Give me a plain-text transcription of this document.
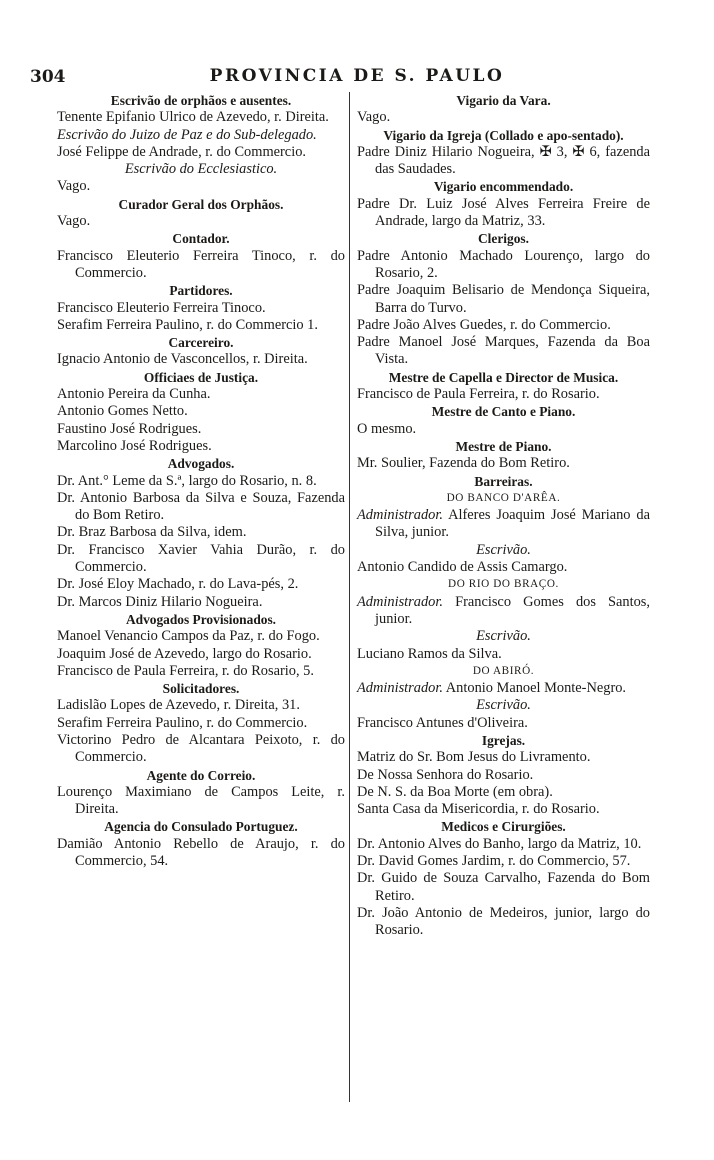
304	PROVINCIA DE S. PAULO

Escrivão de orphãos e ausentes.

Tenente Epifanio Ulrico de Azevedo, r. Direita.

Escrivão do Juizo de Paz e do Sub-delegado.

José Felippe de Andrade, r. do Commercio.

Escrivão do Ecclesiastico.

Vago.

Curador Geral dos Orphãos.

Vago.

Contador.

Francisco Eleuterio Ferreira Tinoco, r. do Commercio.

Partidores.

Francisco Eleuterio Ferreira Tinoco.

Serafim Ferreira Paulino, r. do Commercio 1.

Carcereiro.

Ignacio Antonio de Vasconcellos, r. Direita.

Officiaes de Justiça.

Antonio Pereira da Cunha.

Antonio Gomes Netto.

Faustino José Rodrigues.

Marcolino José Rodrigues.

Advogados.

Dr. Ant.° Leme da S.ª, largo do Rosario, n. 8.

Dr. Antonio Barbosa da Silva e Souza, Fazenda do Bom Retiro.

Dr. Braz Barbosa da Silva, idem.

Dr. Francisco Xavier Vahia Durão, r. do Commercio.

Dr. José Eloy Machado, r. do Lava-pés, 2.

Dr. Marcos Diniz Hilario Nogueira.

Advogados Provisionados.

Manoel Venancio Campos da Paz, r. do Fogo.

Joaquim José de Azevedo, largo do Rosario.

Francisco de Paula Ferreira, r. do Rosario, 5.

Solicitadores.

Ladislão Lopes de Azevedo, r. Direita, 31.

Serafim Ferreira Paulino, r. do Commercio.

Victorino Pedro de Alcantara Peixoto, r. do Commercio.

Agente do Correio.

Lourenço Maximiano de Campos Leite, r. Direita.

Agencia do Consulado Portuguez.

Damião Antonio Rebello de Araujo, r. do Commercio, 54.

Vigario da Vara.

Vago.

Vigario da Igreja (Collado e apo-sentado).

Padre Diniz Hilario Nogueira, ✠ 3, ✠ 6, fazenda das Saudades.

Vigario encommendado.

Padre Dr. Luiz José Alves Ferreira Freire de Andrade, largo da Matriz, 33.

Clerigos.

Padre Antonio Machado Lourenço, largo do Rosario, 2.

Padre Joaquim Belisario de Mendonça Siqueira, Barra do Turvo.

Padre João Alves Guedes, r. do Commercio.

Padre Manoel José Marques, Fazenda da Boa Vista.

Mestre de Capella e Director de Musica.

Francisco de Paula Ferreira, r. do Rosario.

Mestre de Canto e Piano.

O mesmo.

Mestre de Piano.

Mr. Soulier, Fazenda do Bom Retiro.

Barreiras.

DO BANCO D'ARÊA.

Administrador. Alferes Joaquim José Mariano da Silva, junior.

Escrivão.

Antonio Candido de Assis Camargo.

DO RIO DO BRAÇO.

Administrador. Francisco Gomes dos Santos, junior.

Escrivão.

Luciano Ramos da Silva.

DO ABIRÓ.

Administrador. Antonio Manoel Monte-Negro.

Escrivão.

Francisco Antunes d'Oliveira.

Igrejas.

Matriz do Sr. Bom Jesus do Livramento.

De Nossa Senhora do Rosario.

De N. S. da Boa Morte (em obra).

Santa Casa da Misericordia, r. do Rosario.

Medicos e Cirurgiões.

Dr. Antonio Alves do Banho, largo da Matriz, 10.

Dr. David Gomes Jardim, r. do Commercio, 57.

Dr. Guido de Souza Carvalho, Fazenda do Bom Retiro.

Dr. João Antonio de Medeiros, junior, largo do Rosario.
